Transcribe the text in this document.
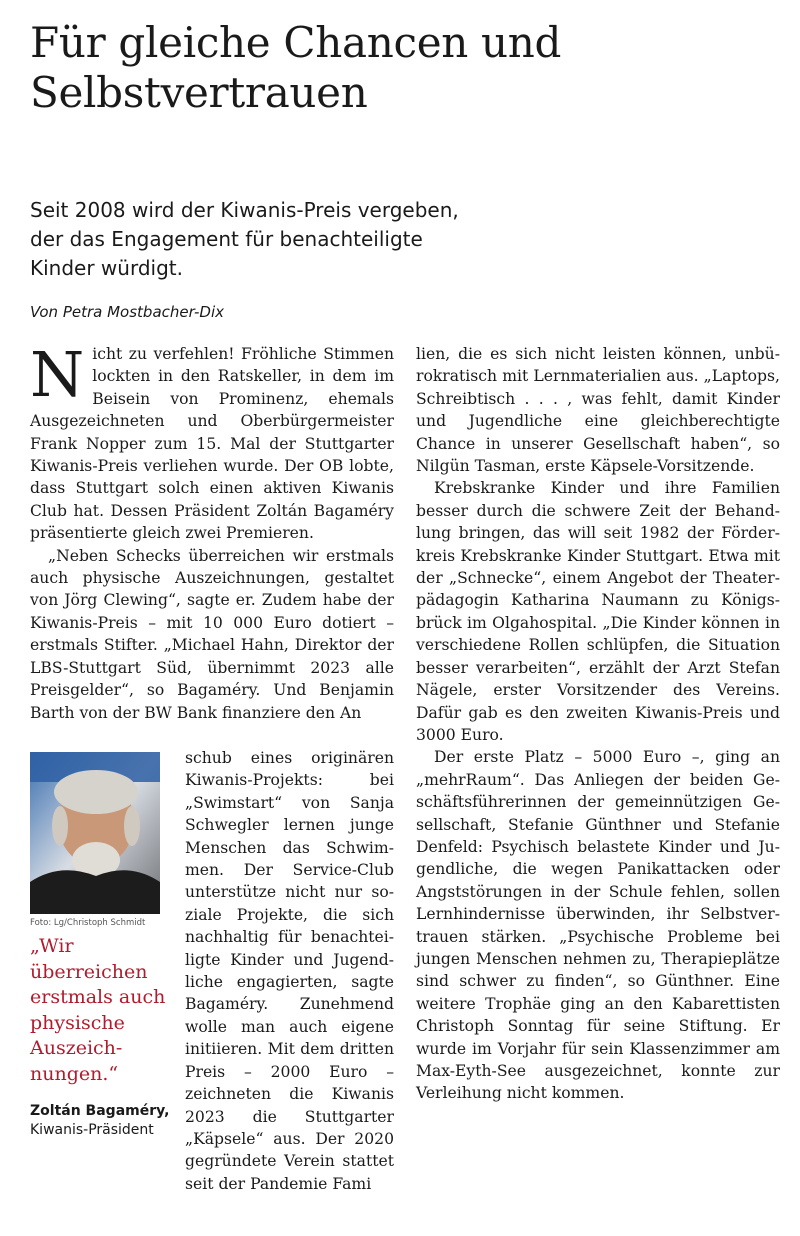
Für gleiche Chancen und Selbstvertrauen

Seit 2008 wird der Kiwanis-Preis vergeben, der das Engagement für benachteiligte Kinder würdigt.

Von Petra Mostbacher-Dix

Nicht zu verfehlen! Fröhliche Stimmen lockten in den Ratskeller, in dem im Beisein von Prominenz, ehemals Ausgezeichneten und Oberbürgermeister Frank Nopper zum 15. Mal der Stuttgarter Kiwanis-Preis verliehen wurde. Der OB lobte, dass Stuttgart solch einen aktiven Kiwanis Club hat. Dessen Präsident Zoltán Bagaméry präsentierte gleich zwei Premieren.

„Neben Schecks überreichen wir erstmals auch physische Auszeichnungen, gestaltet von Jörg Clewing“, sagte er. Zudem habe der Kiwanis-Preis – mit 10 000 Euro dotiert – erstmals Stifter. „Michael Hahn, Direktor der LBS-Stuttgart Süd, übernimmt 2023 alle Preisgelder“, so Bagaméry. Und Benjamin Barth von der BW Bank finanziere den An

Foto: Lg/Christoph Schmidt

„Wir überreichen erstmals auch physische Auszeichnungen.“

Zoltán Bagaméry,
Kiwanis-Präsident

schub eines originären Kiwanis-Projekts: bei „Swimstart“ von Sanja Schwegler lernen junge Menschen das Schwimmen. Der Service-Club unterstütze nicht nur soziale Projekte, die sich nachhaltig für benachteiligte Kinder und Jugendliche engagierten, sagte Bagaméry. Zunehmend wolle man auch eigene initiieren. Mit dem dritten Preis – 2000 Euro – zeichneten die Kiwanis 2023 die Stuttgarter „Käpsele“ aus. Der 2020 gegründete Verein stattet seit der Pandemie Fami

lien, die es sich nicht leisten können, unbürokratisch mit Lernmaterialien aus. „Laptops, Schreibtisch . . . , was fehlt, damit Kinder und Jugendliche eine gleichberechtigte Chance in unserer Gesellschaft haben“, so Nilgün Tasman, erste Käpsele-Vorsitzende.

Krebskranke Kinder und ihre Familien besser durch die schwere Zeit der Behandlung bringen, das will seit 1982 der Förderkreis Krebskranke Kinder Stuttgart. Etwa mit der „Schnecke“, einem Angebot der Theaterpädagogin Katharina Naumann zu Königsbrück im Olgahospital. „Die Kinder können in verschiedene Rollen schlüpfen, die Situation besser verarbeiten“, erzählt der Arzt Stefan Nägele, erster Vorsitzender des Vereins. Dafür gab es den zweiten Kiwanis-Preis und 3000 Euro.

Der erste Platz – 5000 Euro –, ging an „mehrRaum“. Das Anliegen der beiden Geschäftsführerinnen der gemeinnützigen Gesellschaft, Stefanie Günthner und Stefanie Denfeld: Psychisch belastete Kinder und Jugendliche, die wegen Panikattacken oder Angststörungen in der Schule fehlen, sollen Lernhindernisse überwinden, ihr Selbstvertrauen stärken. „Psychische Probleme bei jungen Menschen nehmen zu, Therapieplätze sind schwer zu finden“, so Günthner. Eine weitere Trophäe ging an den Kabarettisten Christoph Sonntag für seine Stiftung. Er wurde im Vorjahr für sein Klassenzimmer am Max-Eyth-See ausgezeichnet, konnte zur Verleihung nicht kommen.
